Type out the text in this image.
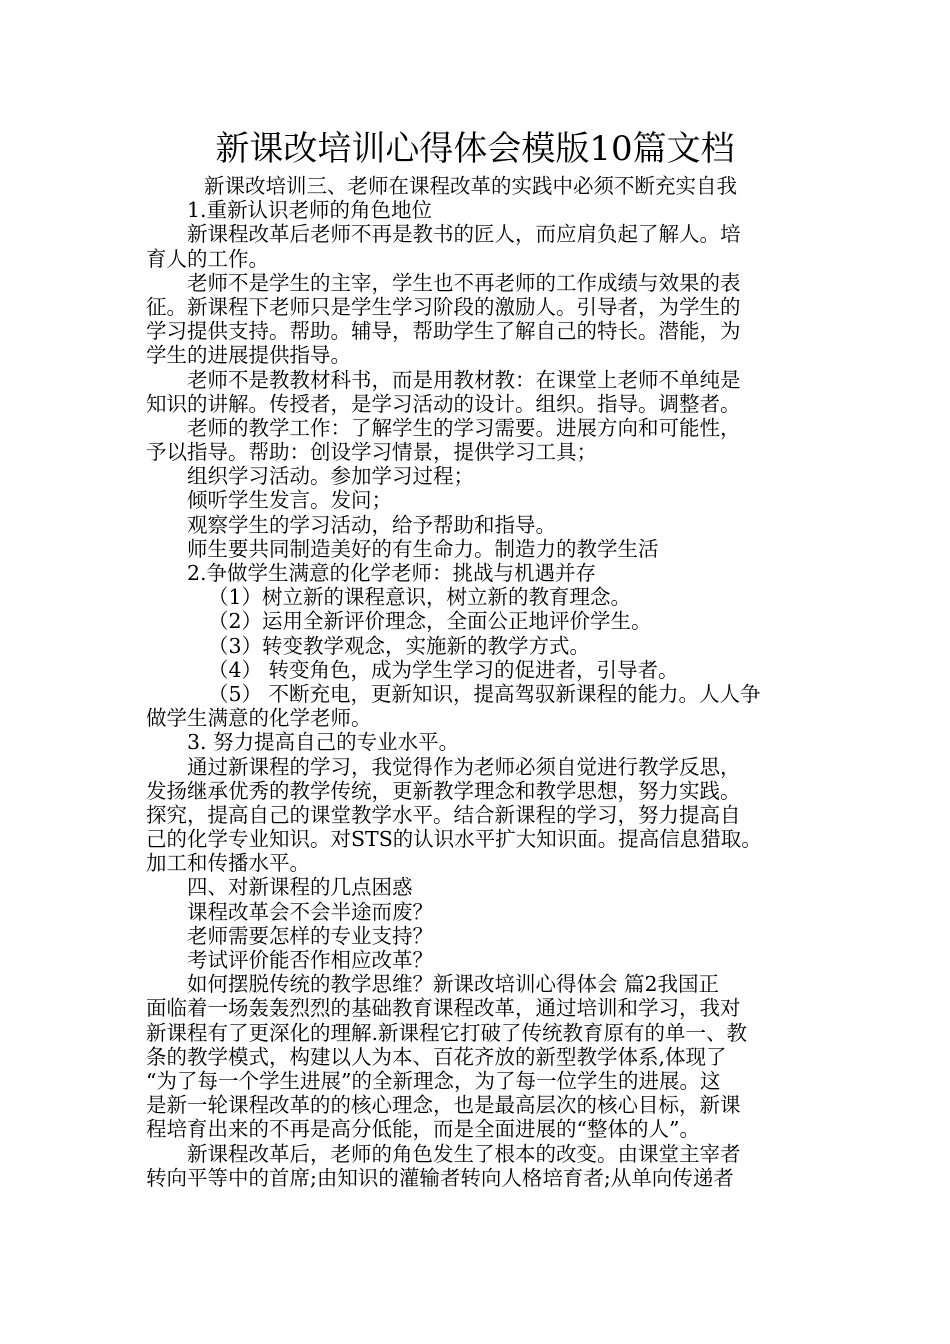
新课改培训心得体会模版10篇文档
新课改培训三、老师在课程改革的实践中必须不断充实自我
1.重新认识老师的角色地位
新课程改革后老师不再是教书的匠人，而应肩负起了解人。培
育人的工作。
老师不是学生的主宰，学生也不再老师的工作成绩与效果的表
征。新课程下老师只是学生学习阶段的激励人。引导者，为学生的
学习提供支持。帮助。辅导，帮助学生了解自己的特长。潜能，为
学生的进展提供指导。
老师不是教教材科书，而是用教材教：在课堂上老师不单纯是
知识的讲解。传授者，是学习活动的设计。组织。指导。调整者。
老师的教学工作：了解学生的学习需要。进展方向和可能性，
予以指导。帮助：创设学习情景，提供学习工具；
组织学习活动。参加学习过程；
倾听学生发言。发问；
观察学生的学习活动，给予帮助和指导。
师生要共同制造美好的有生命力。制造力的教学生活
2.争做学生满意的化学老师：挑战与机遇并存
（1）树立新的课程意识，树立新的教育理念。
（2）运用全新评价理念，全面公正地评价学生。
（3）转变教学观念，实施新的教学方式。
（4） 转变角色，成为学生学习的促进者，引导者。
（5） 不断充电，更新知识，提高驾驭新课程的能力。人人争
做学生满意的化学老师。
3. 努力提高自己的专业水平。
通过新课程的学习，我觉得作为老师必须自觉进行教学反思，
发扬继承优秀的教学传统，更新教学理念和教学思想，努力实践。
探究，提高自己的课堂教学水平。结合新课程的学习，努力提高自
己的化学专业知识。对STS的认识水平扩大知识面。提高信息猎取。
加工和传播水平。
四、对新课程的几点困惑
课程改革会不会半途而废？
老师需要怎样的专业支持？
考试评价能否作相应改革？
如何摆脱传统的教学思维？新课改培训心得体会 篇2我国正
面临着一场轰轰烈烈的基础教育课程改革，通过培训和学习，我对
新课程有了更深化的理解.新课程它打破了传统教育原有的单一、教
条的教学模式，构建以人为本、百花齐放的新型教学体系,体现了
“为了每一个学生进展”的全新理念，为了每一位学生的进展。这
是新一轮课程改革的的核心理念，也是最高层次的核心目标，新课
程培育出来的不再是高分低能，而是全面进展的“整体的人”。
新课程改革后，老师的角色发生了根本的改变。由课堂主宰者
转向平等中的首席;由知识的灌输者转向人格培育者;从单向传递者
